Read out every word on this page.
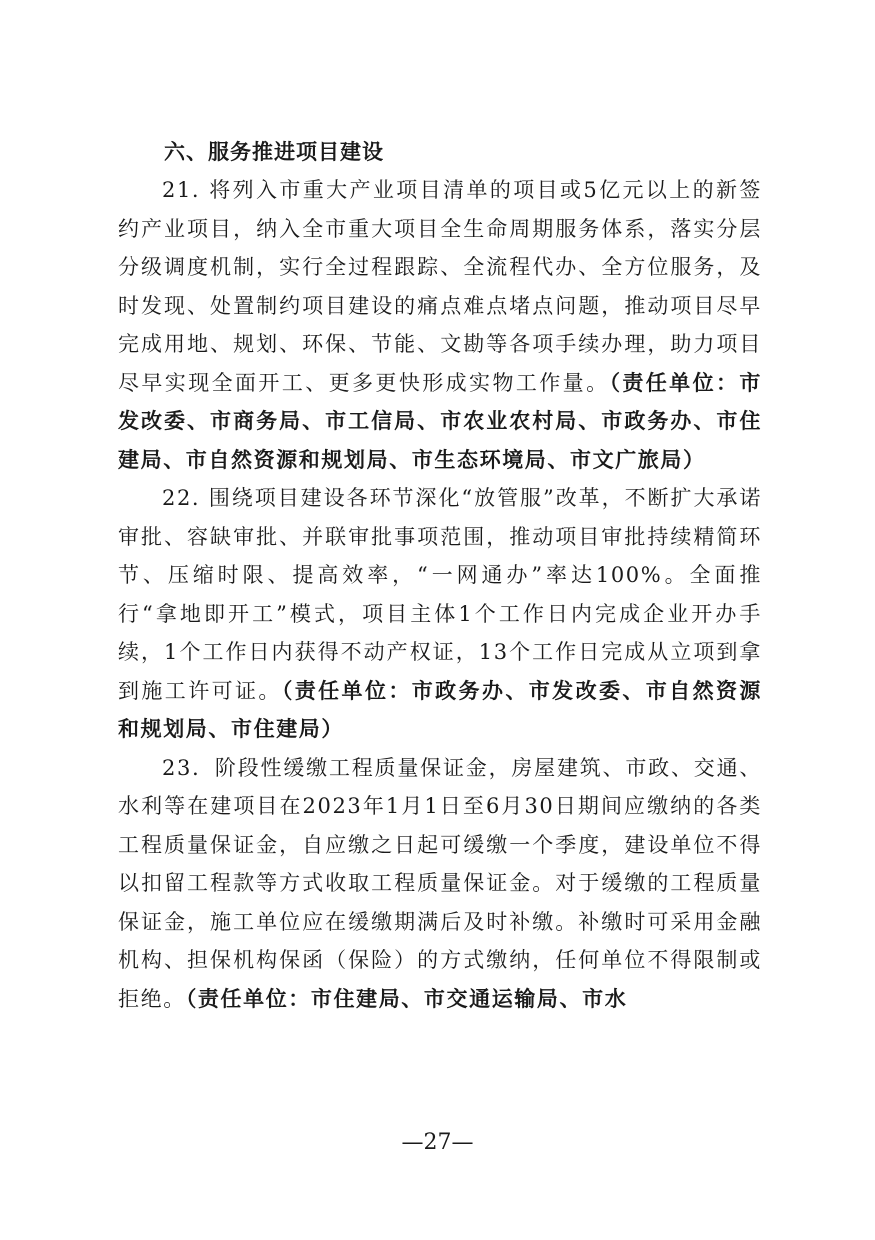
六、服务推进项目建设

21. 将列入市重大产业项目清单的项目或5亿元以上的新签约产业项目，纳入全市重大项目全生命周期服务体系，落实分层分级调度机制，实行全过程跟踪、全流程代办、全方位服务，及时发现、处置制约项目建设的痛点难点堵点问题，推动项目尽早完成用地、规划、环保、节能、文勘等各项手续办理，助力项目尽早实现全面开工、更多更快形成实物工作量。（责任单位：市发改委、市商务局、市工信局、市农业农村局、市政务办、市住建局、市自然资源和规划局、市生态环境局、市文广旅局）

22. 围绕项目建设各环节深化“放管服”改革，不断扩大承诺审批、容缺审批、并联审批事项范围，推动项目审批持续精简环节、压缩时限、提高效率，“一网通办”率达100%。全面推行“拿地即开工”模式，项目主体1个工作日内完成企业开办手续，1个工作日内获得不动产权证，13个工作日完成从立项到拿到施工许可证。（责任单位：市政务办、市发改委、市自然资源和规划局、市住建局）

23．阶段性缓缴工程质量保证金，房屋建筑、市政、交通、水利等在建项目在2023年1月1日至6月30日期间应缴纳的各类工程质量保证金，自应缴之日起可缓缴一个季度，建设单位不得以扣留工程款等方式收取工程质量保证金。对于缓缴的工程质量保证金，施工单位应在缓缴期满后及时补缴。补缴时可采用金融机构、担保机构保函（保险）的方式缴纳，任何单位不得限制或拒绝。（责任单位：市住建局、市交通运输局、市水

—27—
